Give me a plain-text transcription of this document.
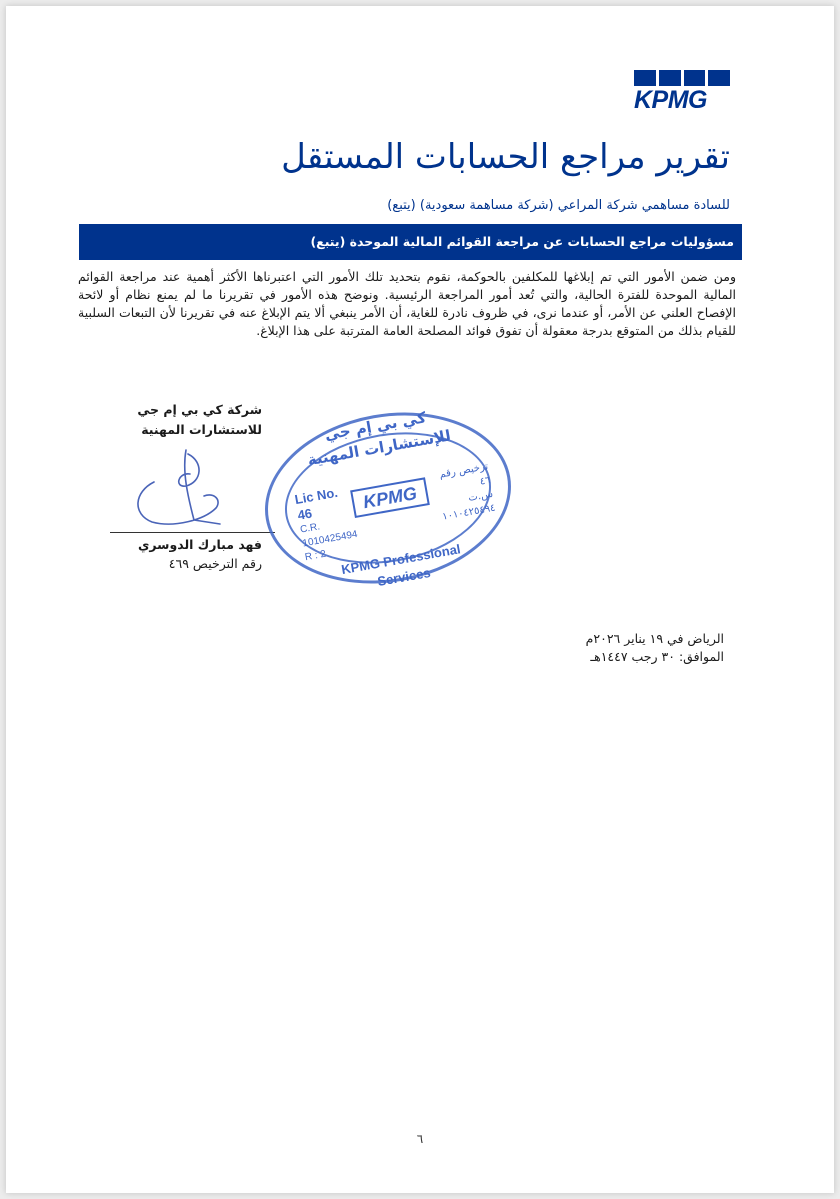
KPMG
تقرير مراجع الحسابات المستقل
للسادة مساهمي شركة المراعي (شركة مساهمة سعودية) (يتبع)
مسؤوليات مراجع الحسابات عن مراجعة القوائم المالية الموحدة (يتبع)

ومن ضمن الأمور التي تم إبلاغها للمكلفين بالحوكمة، نقوم بتحديد تلك الأمور التي اعتبرناها الأكثر أهمية عند مراجعة القوائم المالية الموحدة للفترة الحالية، والتي تُعد أمور المراجعة الرئيسية. ونوضح هذه الأمور في تقريرنا ما لم يمنع نظام أو لائحة الإفصاح العلني عن الأمر، أو عندما نرى، في ظروف نادرة للغاية، أن الأمر ينبغي ألا يتم الإبلاغ عنه في تقريرنا لأن التبعات السلبية للقيام بذلك من المتوقع بدرجة معقولة أن تفوق فوائد المصلحة العامة المترتبة على هذا الإبلاغ.

شركة كي بي إم جي للاستشارات المهنية
فهد مبارك الدوسري
رقم الترخيص ٤٦٩
كي بي إم جي للإستشارات المهنية
Lic No. 46
C.R. 1010425494
R : 2
KPMG
ترخيص رقم ٤٦
س.ت ١٠١٠٤٢٥٤٩٤
KPMG Professional Services
الرياض في ١٩ يناير ٢٠٢٦م
الموافق: ٣٠ رجب ١٤٤٧هـ
٦
